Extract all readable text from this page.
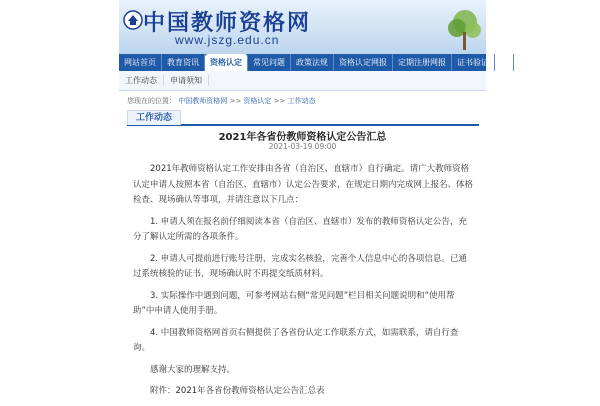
中国教师资格网
www.jszg.edu.cn
网站首页	教育资讯	资格认定	常见问题	政策法规	资格认定网报	定期注册网报	证书验证	资
工作动态	申请须知
您现在的位置： 中国教师资格网 >> 资格认定 >> 工作动态
工作动态
2021年各省份教师资格认定公告汇总
2021-03-19 09:00

2021年教师资格认定工作安排由各省（自治区、直辖市）自行确定。请广大教师资格认定申请人按照本省（自治区、直辖市）认定公告要求，在规定日期内完成网上报名、体格检查、现场确认等事项，并请注意以下几点：

1. 申请人须在报名前仔细阅读本省（自治区、直辖市）发布的教师资格认定公告，充分了解认定所需的各项条件。

2. 申请人可提前进行账号注册，完成实名核验，完善个人信息中心的各项信息。已通过系统核验的证书，现场确认时不再提交纸质材料。

3. 实际操作中遇到问题，可参考网站右侧“常见问题”栏目相关问题说明和“使用帮助”中申请人使用手册。

4. 中国教师资格网首页右侧提供了各省份认定工作联系方式，如需联系，请自行查询。

感谢大家的理解支持。

附件：2021年各省份教师资格认定公告汇总表
